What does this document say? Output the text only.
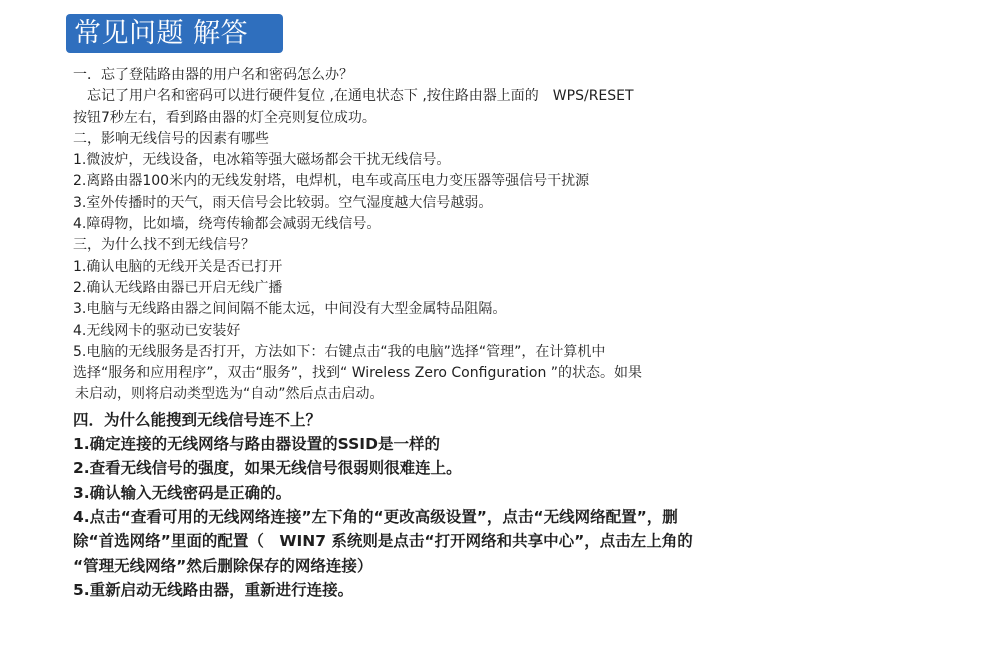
常见问题 解答

一．忘了登陆路由器的用户名和密码怎么办？

忘记了用户名和密码可以进行硬件复位 ,在通电状态下 ,按住路由器上面的　WPS/RESET

按钮7秒左右，看到路由器的灯全亮则复位成功。

二，影响无线信号的因素有哪些

1.微波炉，无线设备，电冰箱等强大磁场都会干扰无线信号。

2.离路由器100米内的无线发射塔，电焊机，电车或高压电力变压器等强信号干扰源

3.室外传播时的天气，雨天信号会比较弱。空气湿度越大信号越弱。

4.障碍物，比如墙，绕弯传输都会减弱无线信号。

三，为什么找不到无线信号？

1.确认电脑的无线开关是否已打开

2.确认无线路由器已开启无线广播

3.电脑与无线路由器之间间隔不能太远，中间没有大型金属特品阻隔。

4.无线网卡的驱动已安装好

5.电脑的无线服务是否打开，方法如下：右键点击“我的电脑”选择“管理”，在计算机中

选择“服务和应用程序”，双击“服务”，找到“ Wireless Zero Configuration ”的状态。如果

未启动，则将启动类型选为“自动”然后点击启动。

四．为什么能搜到无线信号连不上？

1.确定连接的无线网络与路由器设置的SSID是一样的

2.查看无线信号的强度，如果无线信号很弱则很难连上。

3.确认输入无线密码是正确的。

4.点击“查看可用的无线网络连接”左下角的“更改高级设置”，点击“无线网络配置”，删

除“首选网络”里面的配置（　WIN7 系统则是点击“打开网络和共享中心”，点击左上角的

“管理无线网络”然后删除保存的网络连接）

5.重新启动无线路由器，重新进行连接。
